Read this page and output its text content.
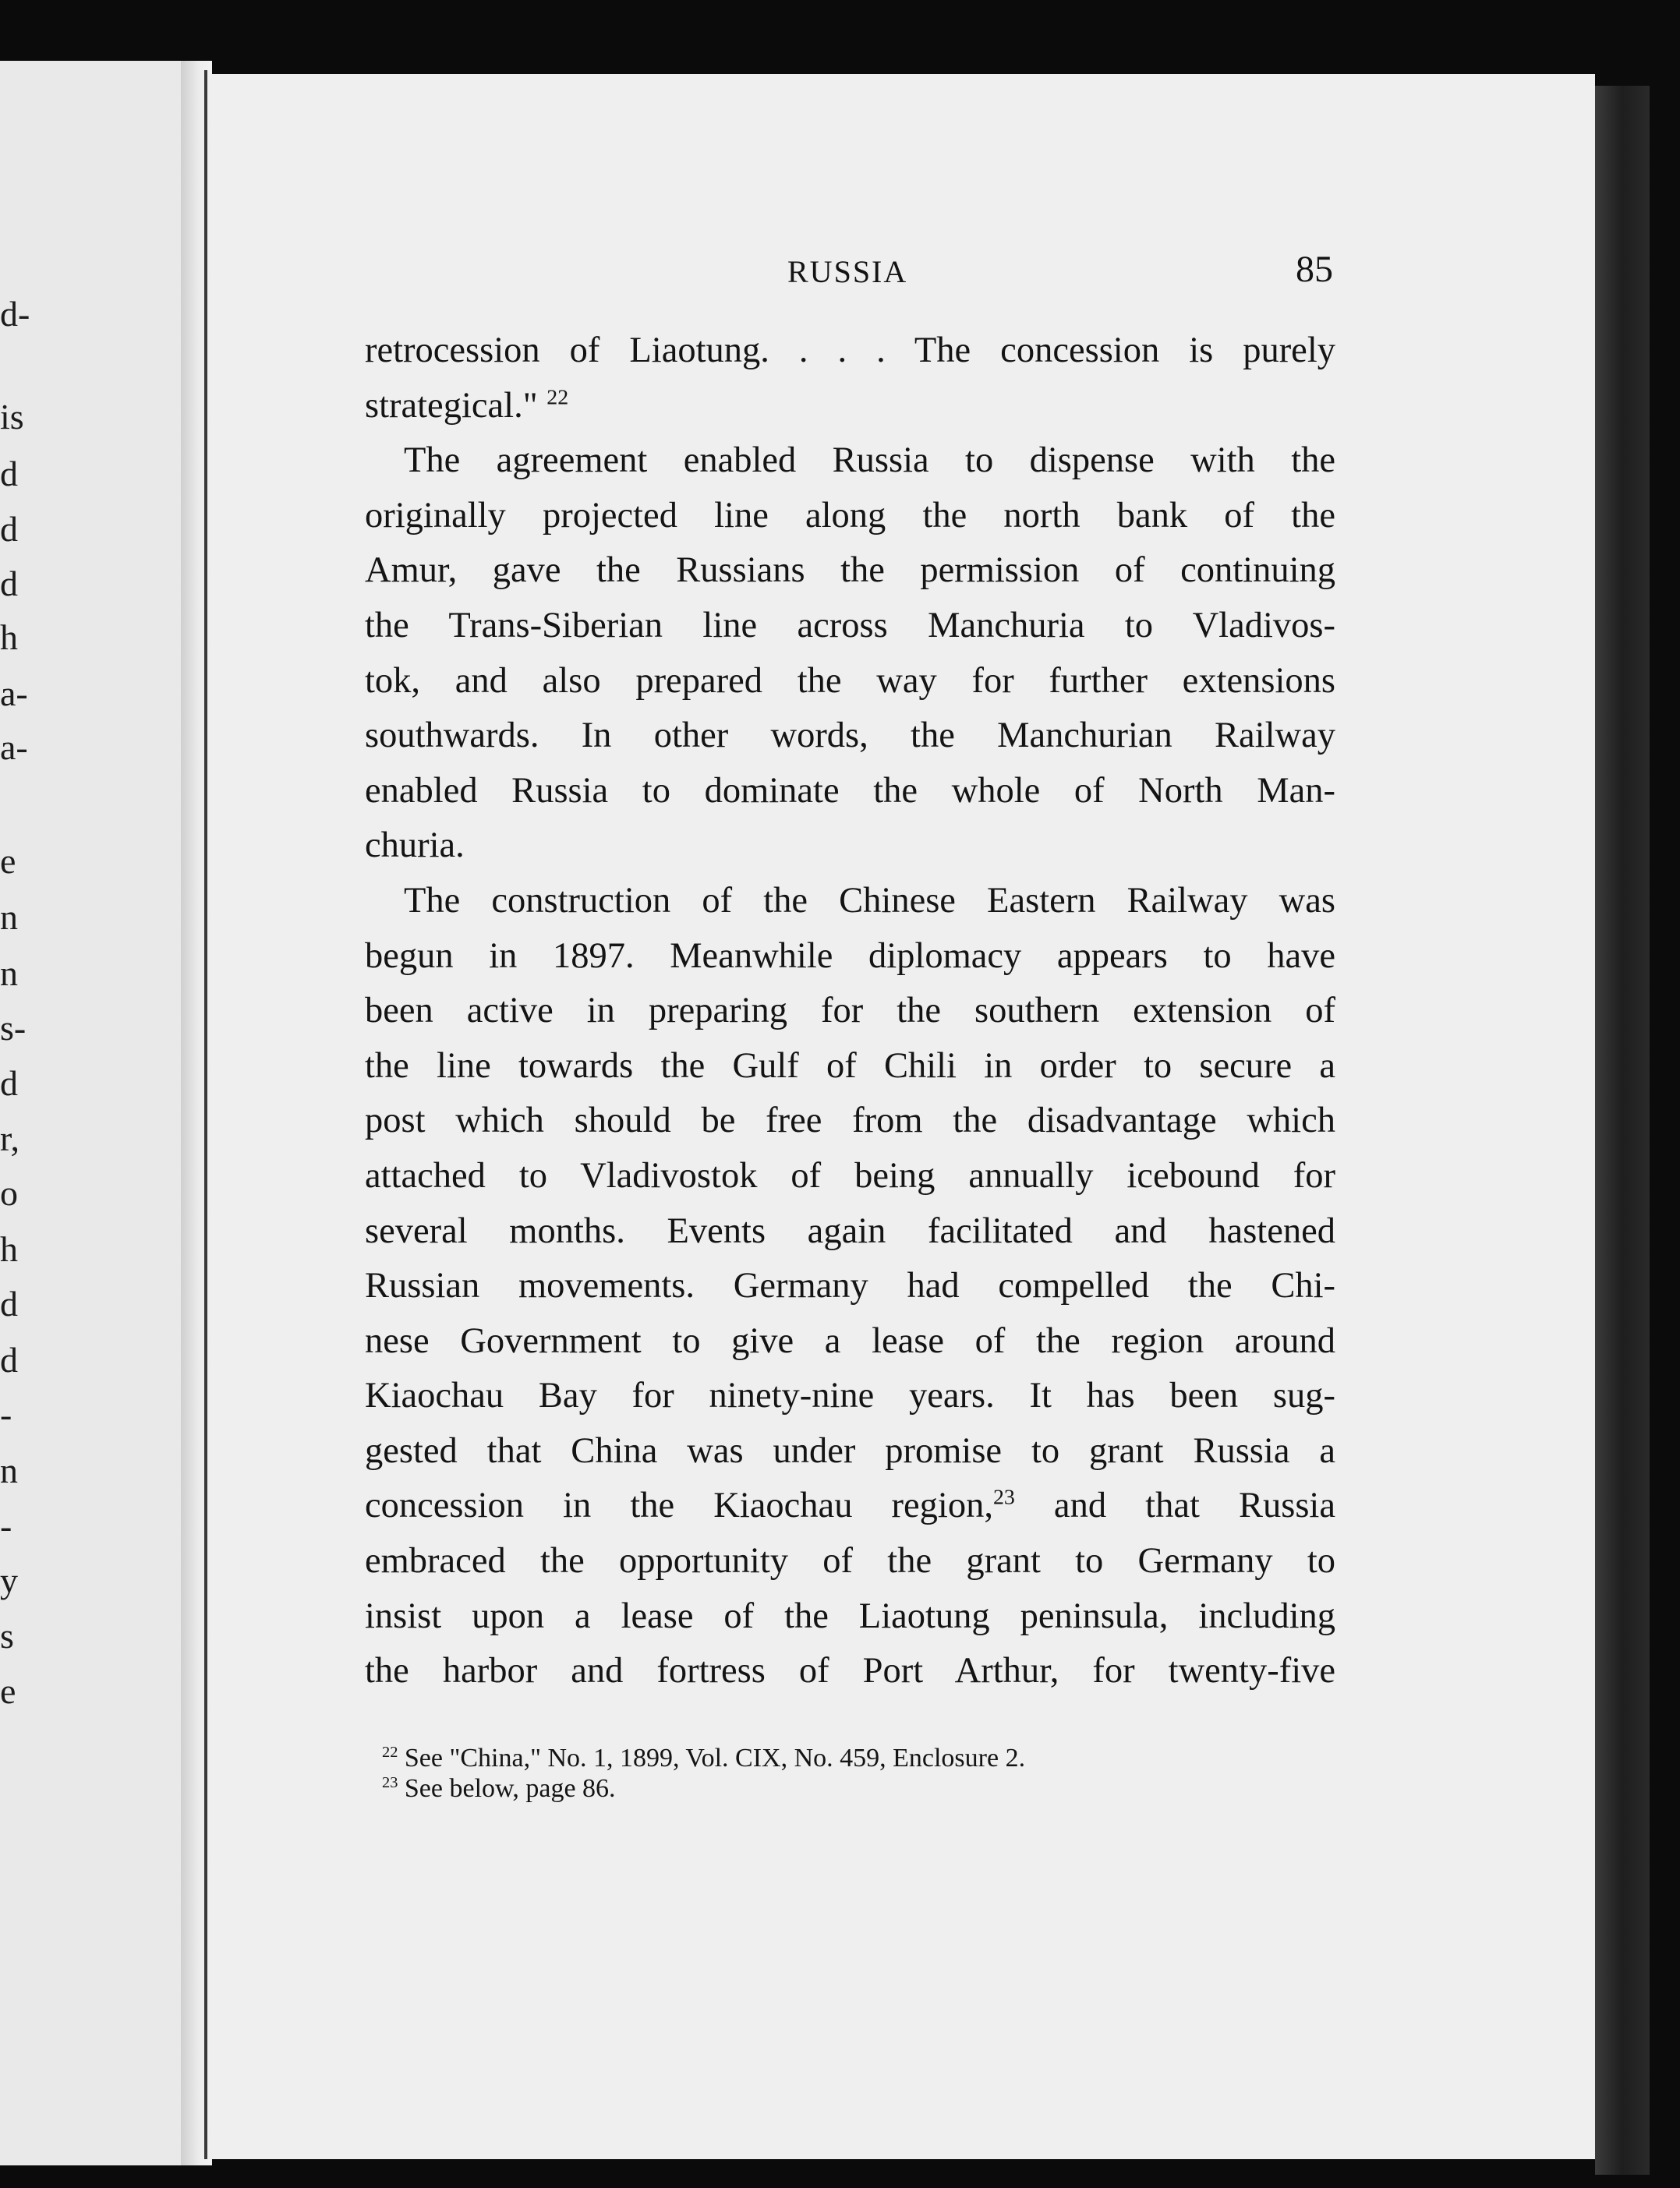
d-
is
d
d
d
h
a-
a-
e
n
n
s-
d
r,
o
h
d
d
-
n
-
y
s
e
RUSSIA	85
retrocession of Liaotung. . . . The concession is purely
strategical." $^{22}$
The agreement enabled Russia to dispense with the
originally projected line along the north bank of the
Amur, gave the Russians the permission of continuing
the Trans-Siberian line across Manchuria to Vladivos-
tok, and also prepared the way for further extensions
southwards. In other words, the Manchurian Railway
enabled Russia to dominate the whole of North Man-
churia.
The construction of the Chinese Eastern Railway was
begun in 1897. Meanwhile diplomacy appears to have
been active in preparing for the southern extension of
the line towards the Gulf of Chili in order to secure a
post which should be free from the disadvantage which
attached to Vladivostok of being annually icebound for
several months. Events again facilitated and hastened
Russian movements. Germany had compelled the Chi-
nese Government to give a lease of the region around
Kiaochau Bay for ninety-nine years. It has been sug-
gested that China was under promise to grant Russia a
concession in the Kiaochau region,$^{23}$ and that Russia
embraced the opportunity of the grant to Germany to
insist upon a lease of the Liaotung peninsula, including
the harbor and fortress of Port Arthur, for twenty-five
$^{22}$ See "China," No. 1, 1899, Vol. CIX, No. 459, Enclosure 2.
$^{23}$ See below, page 86.
